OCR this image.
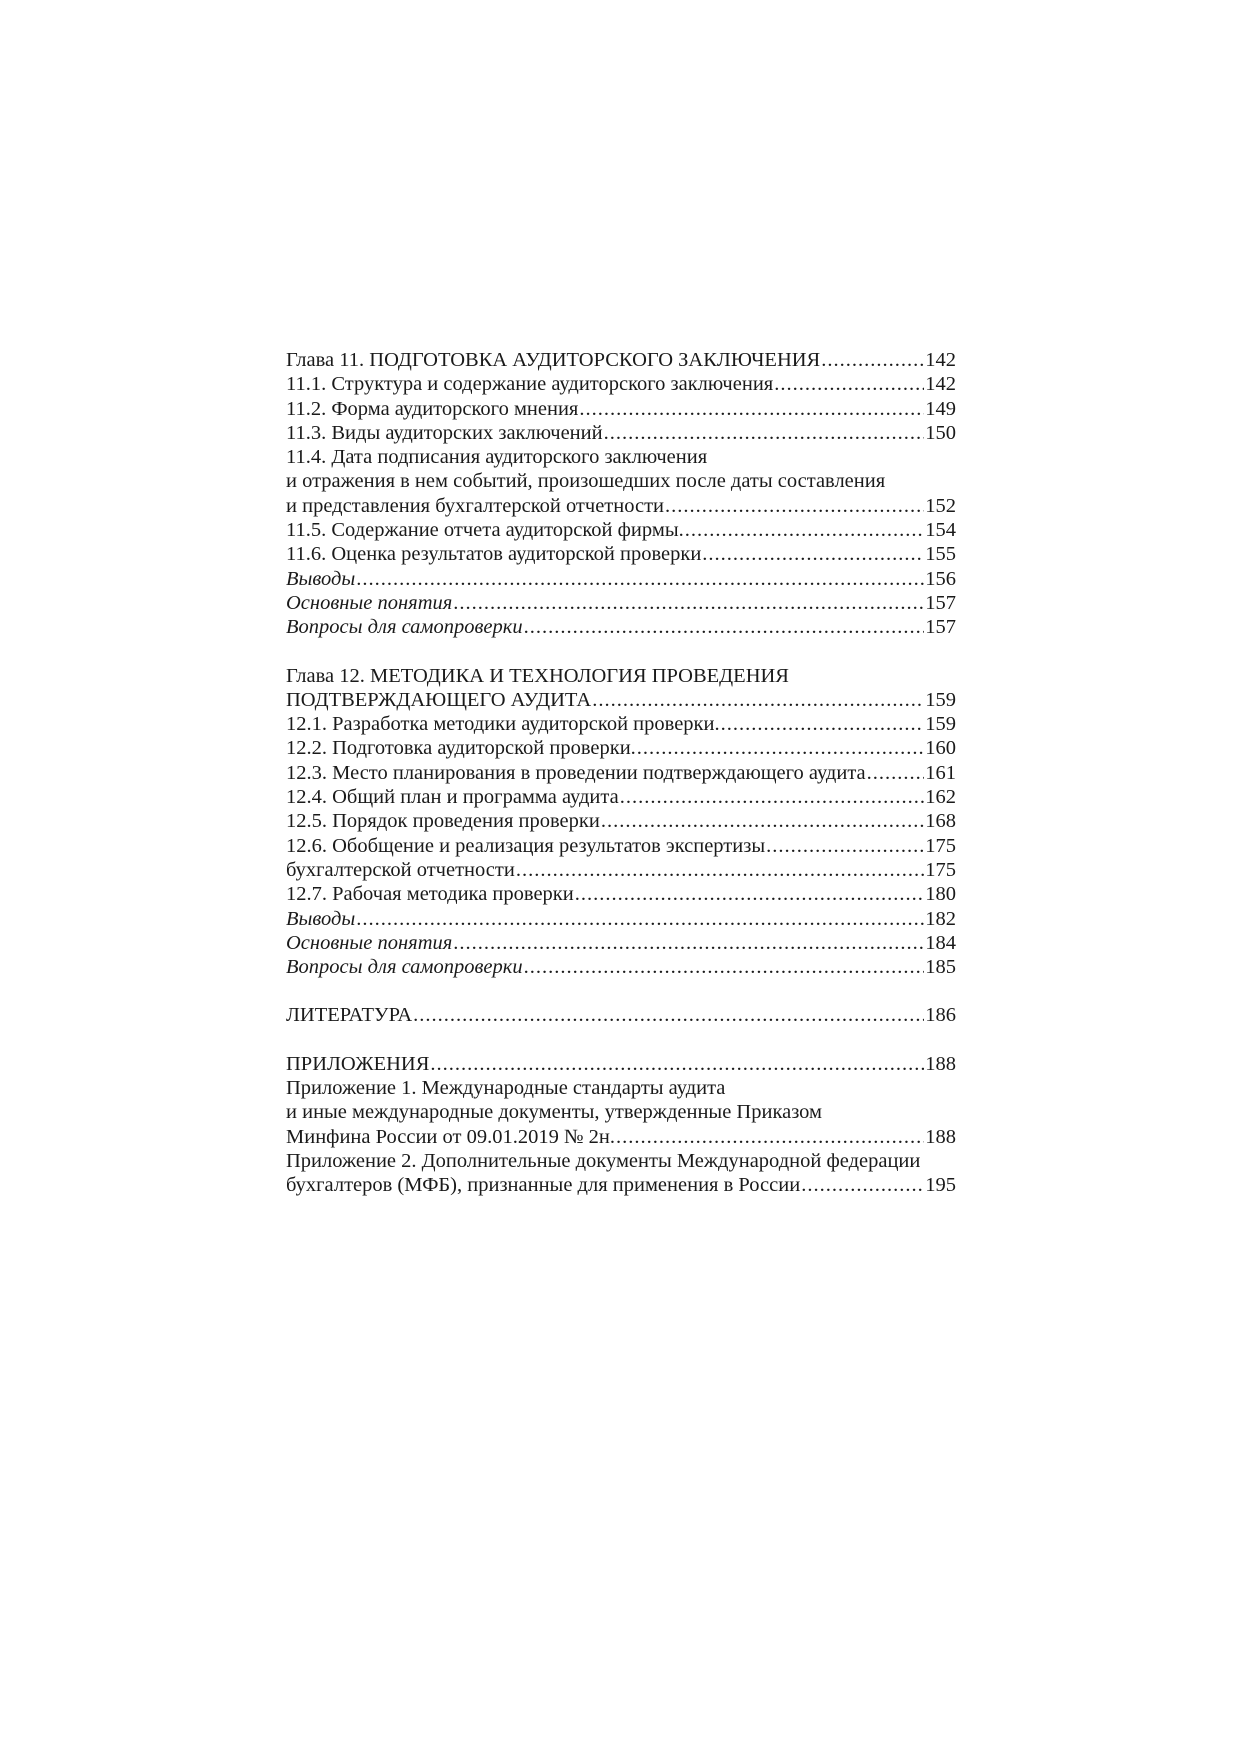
Глава 11. ПОДГОТОВКА АУДИТОРСКОГО ЗАКЛЮЧЕНИЯ .....	142
11.1. Структура и содержание аудиторского заключения .....	142
11.2. Форма аудиторского мнения .....	149
11.3. Виды аудиторских заключений .....	150
11.4. Дата подписания аудиторского заключения
и отражения в нем событий, произошедших после даты составления
и представления бухгалтерской отчетности .....	152
11.5. Содержание отчета аудиторской фирмы. .....	154
11.6. Оценка результатов аудиторской проверки .....	155
Выводы .....	156
Основные понятия .....	157
Вопросы для самопроверки .....	157
Глава 12. МЕТОДИКА И ТЕХНОЛОГИЯ ПРОВЕДЕНИЯ
ПОДТВЕРЖДАЮЩЕГО АУДИТА .....	159
12.1. Разработка методики аудиторской проверки. .....	159
12.2. Подготовка аудиторской проверки. .....	160
12.3. Место планирования в проведении подтверждающего аудита .....	161
12.4. Общий план и программа аудита .....	162
12.5. Порядок проведения проверки .....	168
12.6. Обобщение и реализация результатов экспертизы .....	175
бухгалтерской отчетности .....	175
12.7. Рабочая методика проверки .....	180
Выводы .....	182
Основные понятия .....	184
Вопросы для самопроверки .....	185
ЛИТЕРАТУРА .....	186
ПРИЛОЖЕНИЯ .....	188
Приложение 1. Международные стандарты аудита
и иные международные документы, утвержденные Приказом
Минфина России от 09.01.2019 № 2н. .....	188
Приложение 2. Дополнительные документы Международной федерации
бухгалтеров (МФБ), признанные для применения в России .....	195
